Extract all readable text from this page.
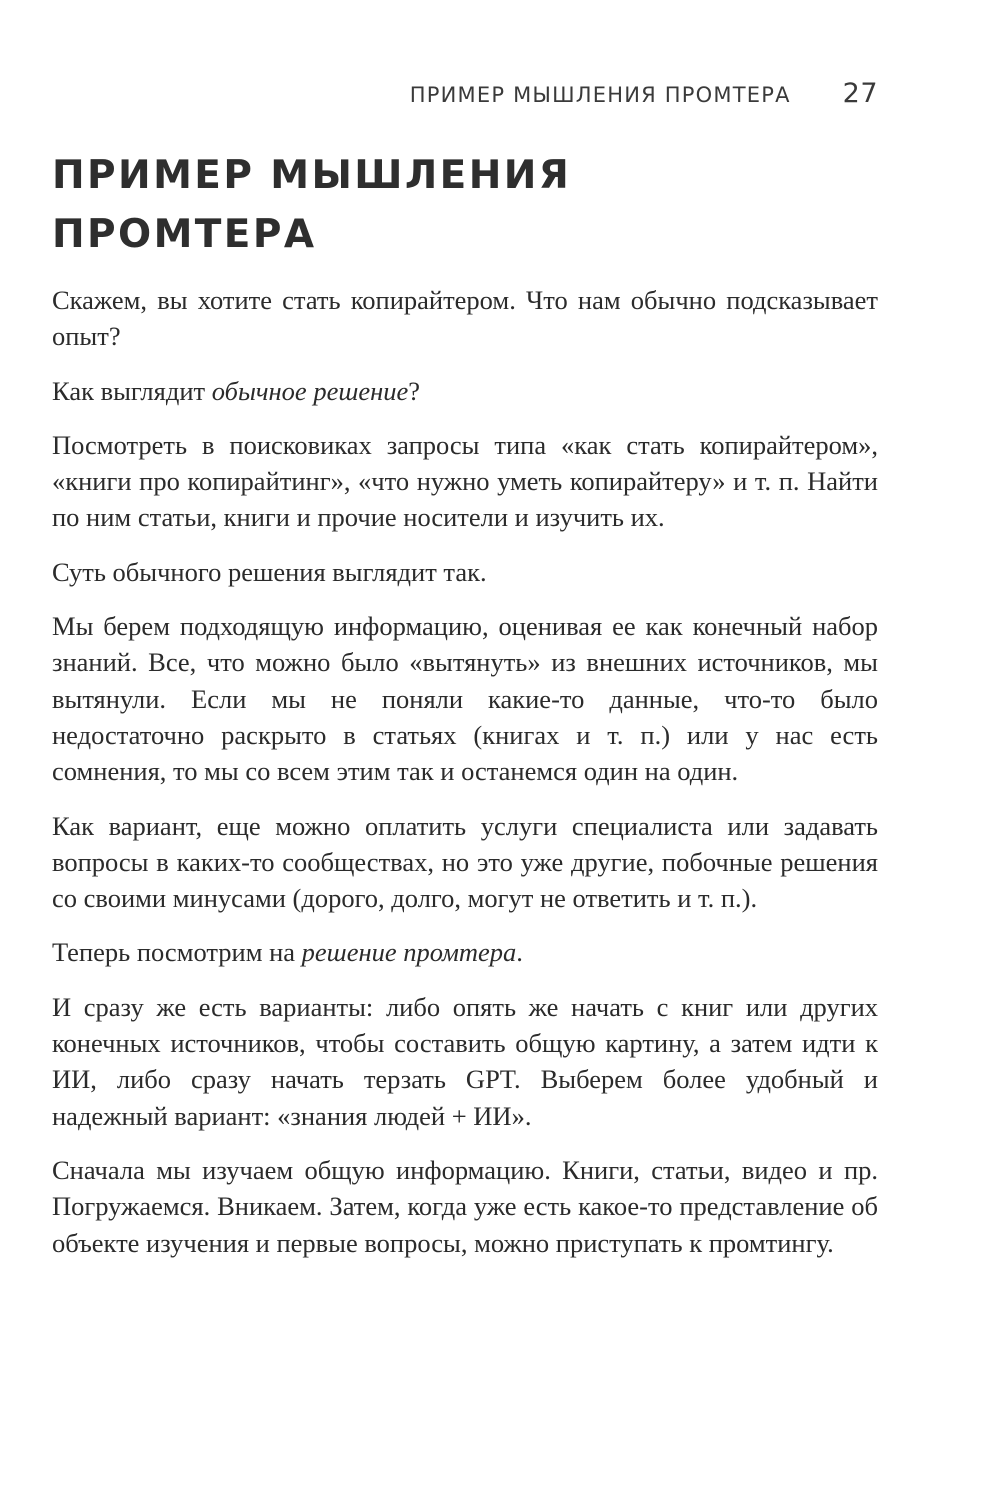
ПРИМЕР МЫШЛЕНИЯ ПРОМТЕРА 27
ПРИМЕР МЫШЛЕНИЯ
ПРОМТЕРА

Скажем, вы хотите стать копирайтером. Что нам обычно подсказывает опыт?

Как выглядит обычное решение?

Посмотреть в поисковиках запросы типа «как стать копирайтером», «книги про копирайтинг», «что нужно уметь копирайтеру» и т. п. Найти по ним статьи, книги и прочие носители и изучить их.

Суть обычного решения выглядит так.

Мы берем подходящую информацию, оценивая ее как конечный набор знаний. Все, что можно было «вытянуть» из внешних источников, мы вытянули. Если мы не поняли какие-то данные, что-то было недостаточно раскрыто в статьях (книгах и т. п.) или у нас есть сомнения, то мы со всем этим так и останемся один на один.

Как вариант, еще можно оплатить услуги специалиста или задавать вопросы в каких-то сообществах, но это уже другие, побочные решения со своими минусами (дорого, долго, могут не ответить и т. п.).

Теперь посмотрим на решение промтера.

И сразу же есть варианты: либо опять же начать с книг или других конечных источников, чтобы составить общую картину, а затем идти к ИИ, либо сразу начать терзать GPT. Выберем более удобный и надежный вариант: «знания людей + ИИ».

Сначала мы изучаем общую информацию. Книги, статьи, видео и пр. Погружаемся. Вникаем. Затем, когда уже есть какое-то представление об объекте изучения и первые вопросы, можно приступать к промтингу.
